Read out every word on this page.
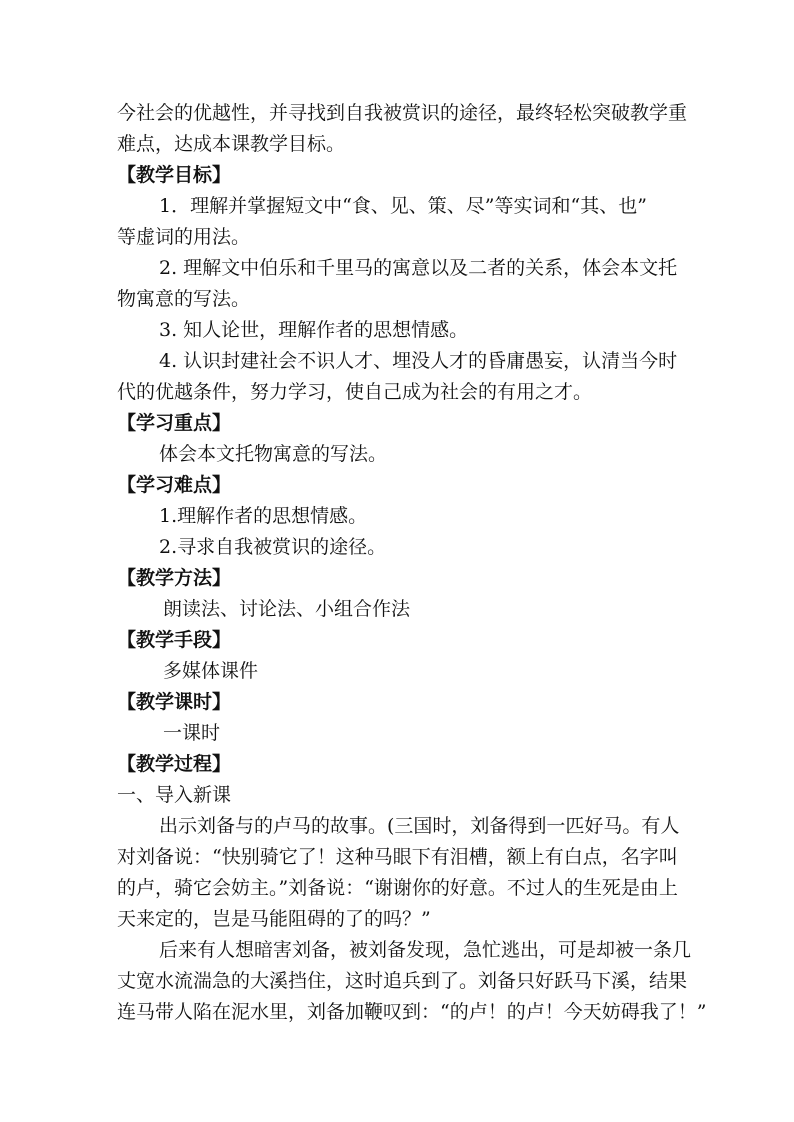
今社会的优越性，并寻找到自我被赏识的途径，最终轻松突破教学重
难点，达成本课教学目标。
【教学目标】
1．理解并掌握短文中“食、见、策、尽”等实词和“其、也”
等虚词的用法。
2. 理解文中伯乐和千里马的寓意以及二者的关系，体会本文托
物寓意的写法。
3. 知人论世，理解作者的思想情感。
4. 认识封建社会不识人才、埋没人才的昏庸愚妄，认清当今时
代的优越条件，努力学习，使自己成为社会的有用之才。
【学习重点】
体会本文托物寓意的写法。
【学习难点】
1.理解作者的思想情感。
2.寻求自我被赏识的途径。
【教学方法】
朗读法、讨论法、小组合作法
【教学手段】
多媒体课件
【教学课时】
一课时
【教学过程】
一、导入新课
出示刘备与的卢马的故事。(三国时，刘备得到一匹好马。有人
对刘备说：“快别骑它了！这种马眼下有泪槽，额上有白点，名字叫
的卢，骑它会妨主。”刘备说：“谢谢你的好意。不过人的生死是由上
天来定的，岂是马能阻碍的了的吗？”
后来有人想暗害刘备，被刘备发现，急忙逃出，可是却被一条几
丈宽水流湍急的大溪挡住，这时追兵到了。刘备只好跃马下溪，结果
连马带人陷在泥水里，刘备加鞭叹到：“的卢！的卢！今天妨碍我了！”
